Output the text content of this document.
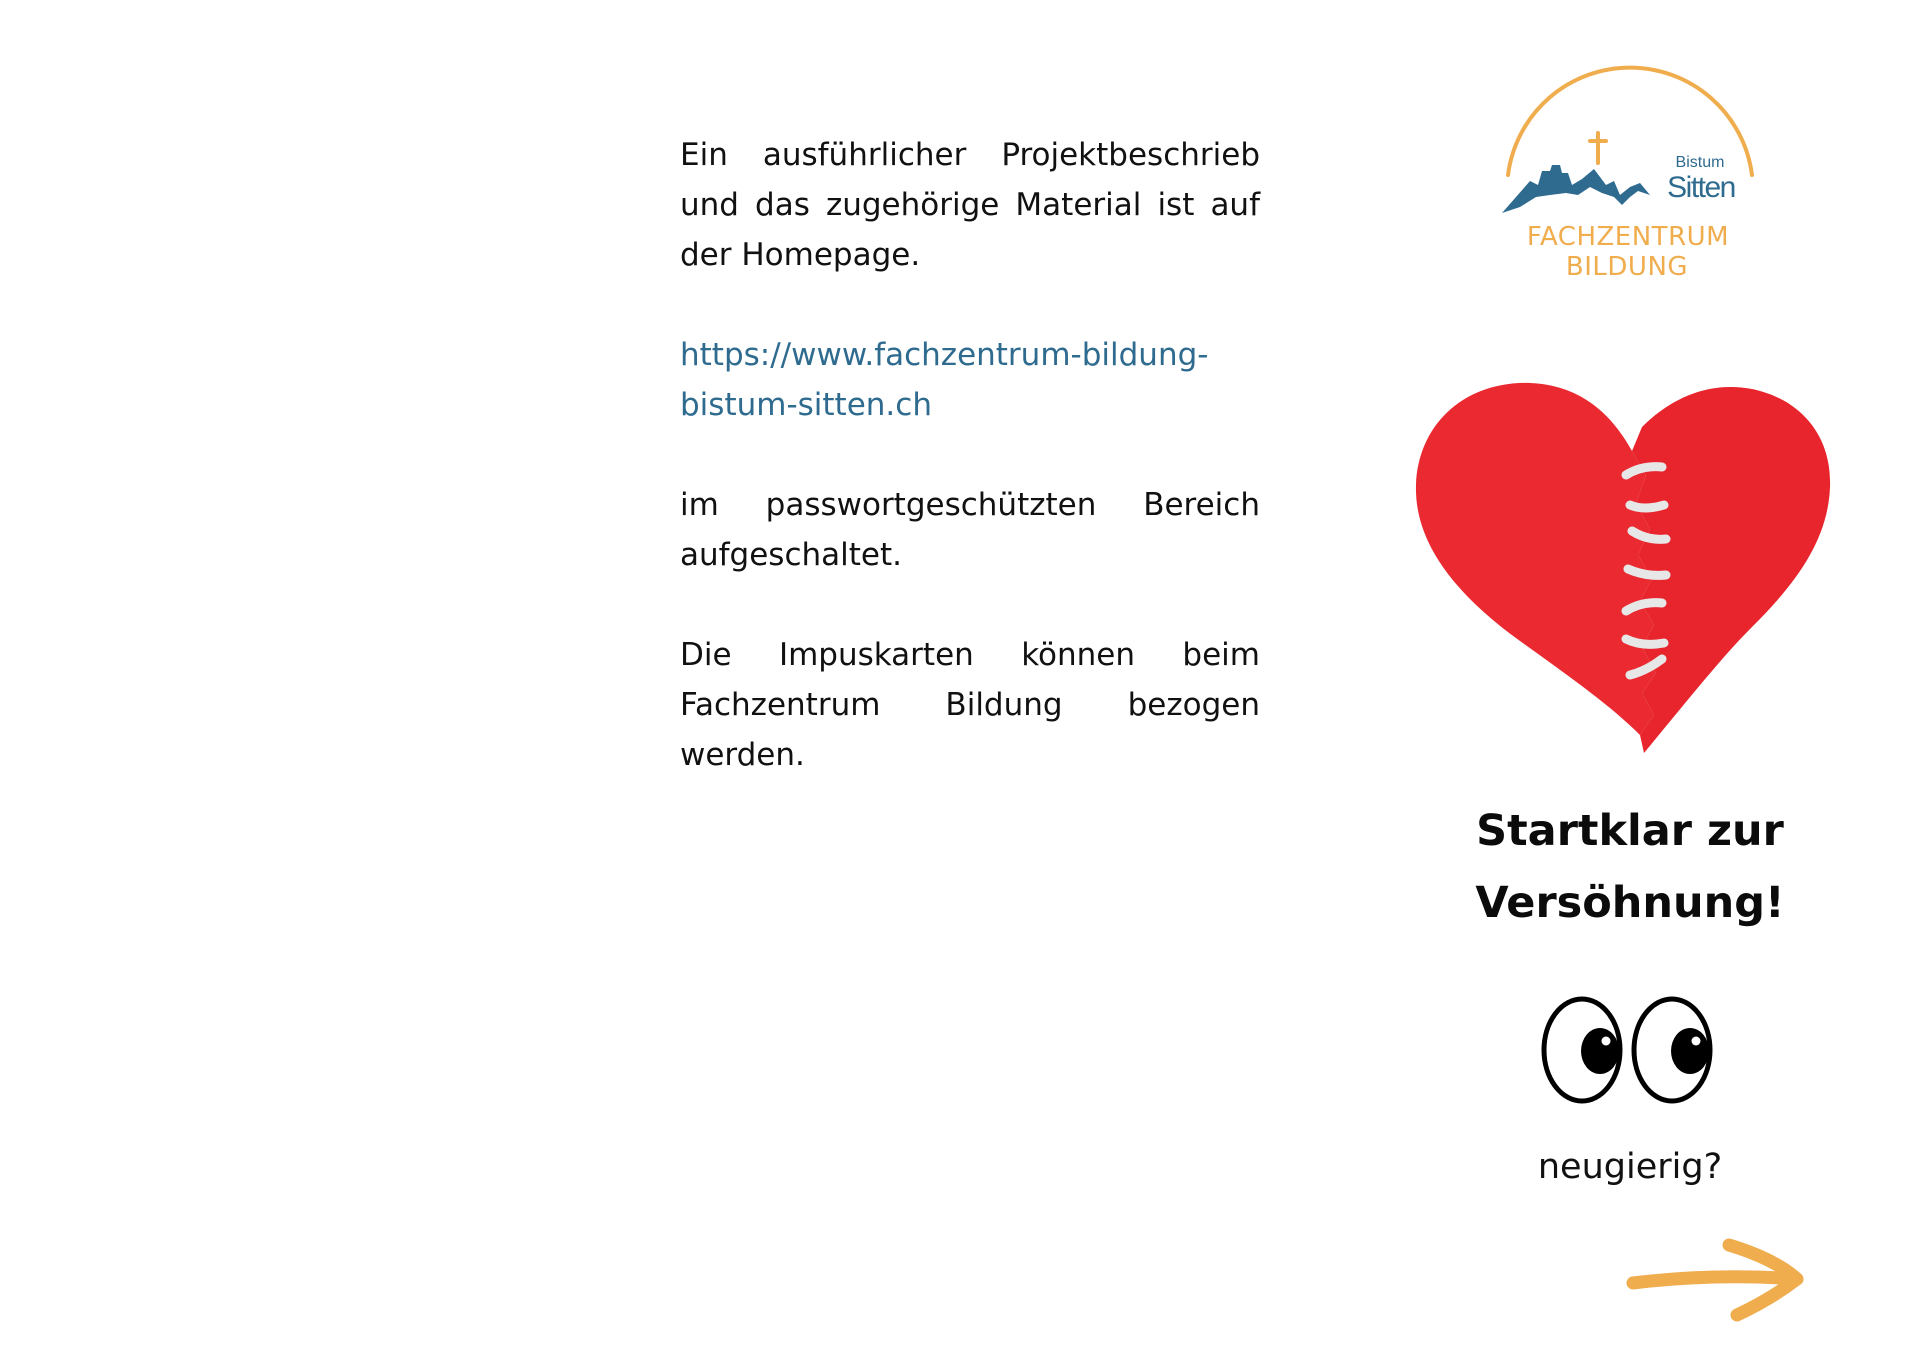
Ein ausführlicher Projektbeschrieb und das zugehörige Material ist auf der Homepage.

https://www.fachzentrum-bildung-
bistum-sitten.ch

im passwortgeschützten Bereich aufgeschaltet.

Die Impuskarten können beim Fachzentrum Bildung bezogen werden.

Bistum
Sitten
FACHZENTRUM
BILDUNG
Startklar zur
Versöhnung!
neugierig?
